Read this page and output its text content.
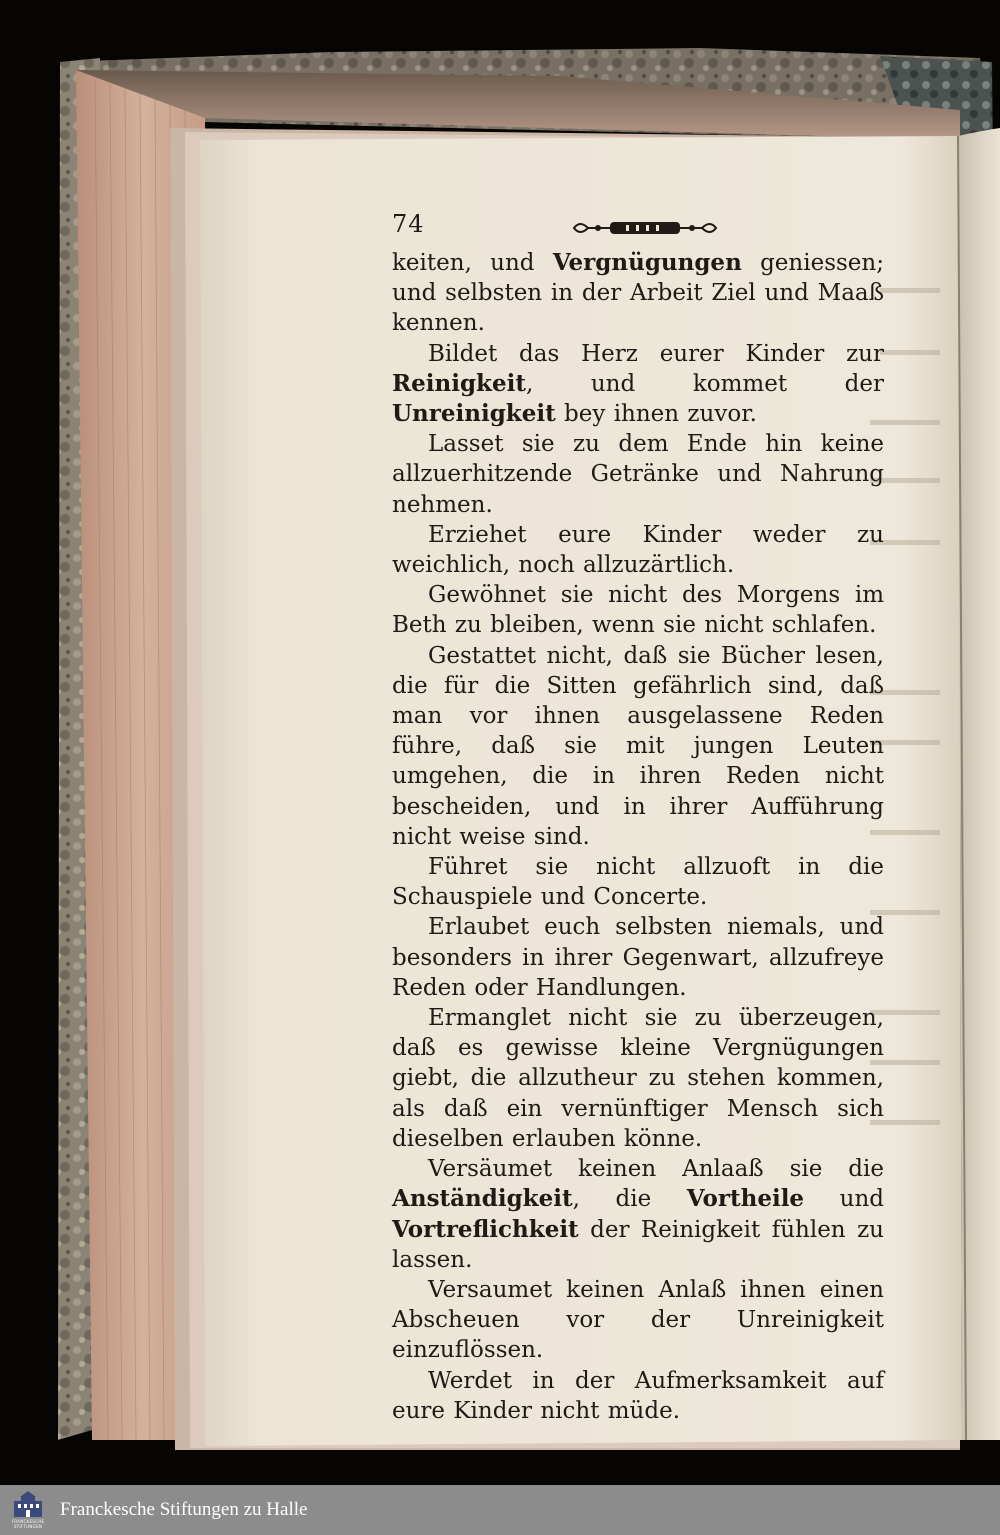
74

keiten, und Vergnügungen geniessen; und selbsten in der Arbeit Ziel und Maaß kennen.

Bildet das Herz eurer Kinder zur Reinigkeit, und kommet der Unreinigkeit bey ihnen zuvor.

Lasset sie zu dem Ende hin keine allzuerhitzende Getränke und Nahrung nehmen.

Erziehet eure Kinder weder zu weichlich, noch allzuzärtlich.

Gewöhnet sie nicht des Morgens im Beth zu bleiben, wenn sie nicht schlafen.

Gestattet nicht, daß sie Bücher lesen, die für die Sitten gefährlich sind, daß man vor ihnen ausgelassene Reden führe, daß sie mit jungen Leuten umgehen, die in ihren Reden nicht bescheiden, und in ihrer Aufführung nicht weise sind.

Führet sie nicht allzuoft in die Schauspiele und Concerte.

Erlaubet euch selbsten niemals, und besonders in ihrer Gegenwart, allzufreye Reden oder Handlungen.

Ermanglet nicht sie zu überzeugen, daß es gewisse kleine Vergnügungen giebt, die allzutheur zu stehen kommen, als daß ein vernünftiger Mensch sich dieselben erlauben könne.

Versäumet keinen Anlaaß sie die Anständigkeit, die Vortheile und Vortreflichkeit der Reinigkeit fühlen zu lassen.

Versaumet keinen Anlaß ihnen einen Abscheuen vor der Unreinigkeit einzuflössen.

Werdet in der Aufmerksamkeit auf eure Kinder nicht müde.

FRANCKESCHE STIFTUNGEN
Franckesche Stiftungen zu Halle
